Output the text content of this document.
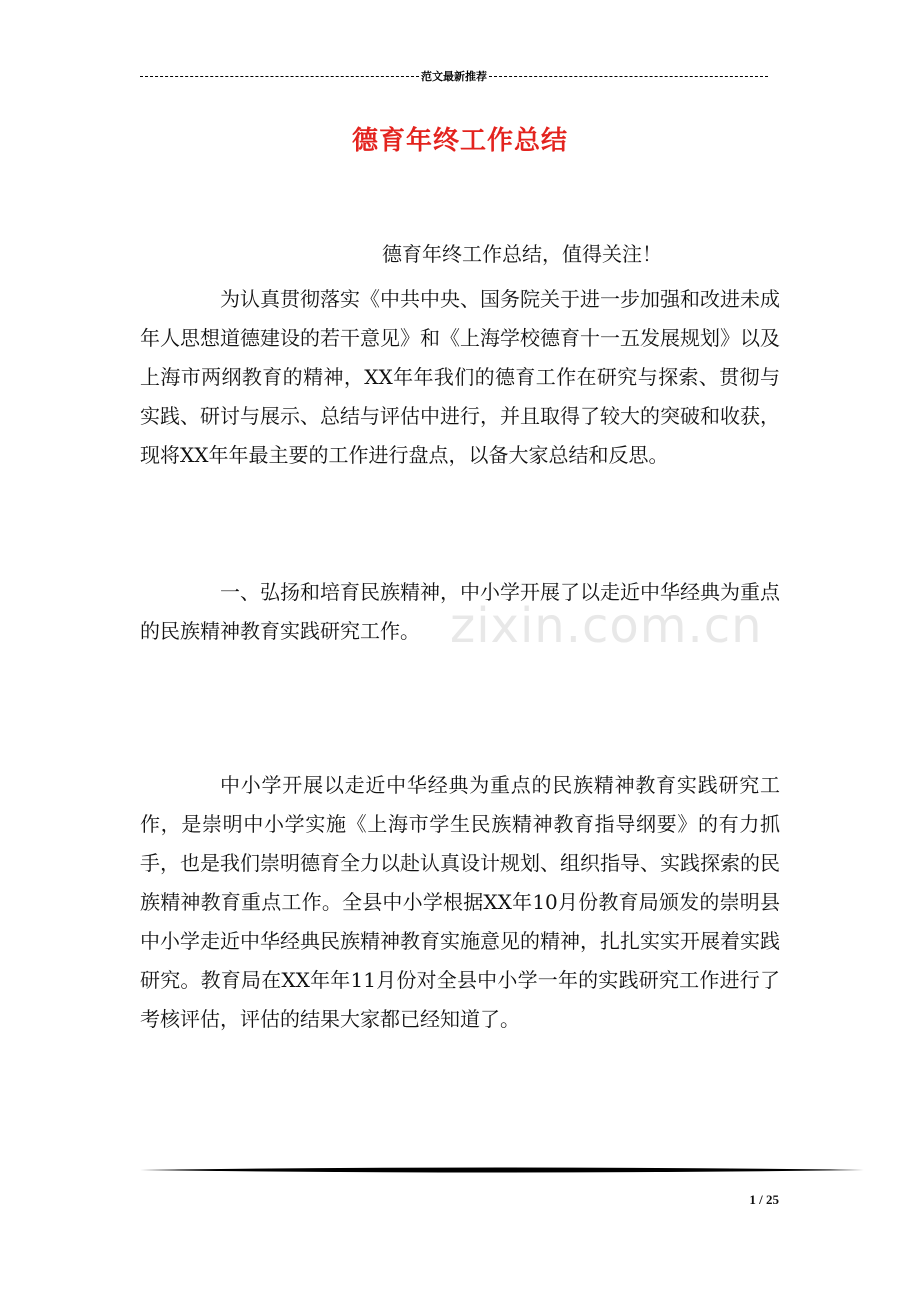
范文最新推荐
德育年终工作总结
德育年终工作总结，值得关注！

为认真贯彻落实《中共中央、国务院关于进一步加强和改进未成年人思想道德建设的若干意见》和《上海学校德育十一五发展规划》以及上海市两纲教育的精神，XX年年我们的德育工作在研究与探索、贯彻与实践、研讨与展示、总结与评估中进行，并且取得了较大的突破和收获，现将XX年年最主要的工作进行盘点，以备大家总结和反思。

一、弘扬和培育民族精神，中小学开展了以走近中华经典为重点的民族精神教育实践研究工作。 zixin.com.cn

中小学开展以走近中华经典为重点的民族精神教育实践研究工作，是崇明中小学实施《上海市学生民族精神教育指导纲要》的有力抓手，也是我们崇明德育全力以赴认真设计规划、组织指导、实践探索的民族精神教育重点工作。全县中小学根据XX年10月份教育局颁发的崇明县中小学走近中华经典民族精神教育实施意见的精神，扎扎实实开展着实践研究。教育局在XX年年11月份对全县中小学一年的实践研究工作进行了考核评估，评估的结果大家都已经知道了。

1 / 25
